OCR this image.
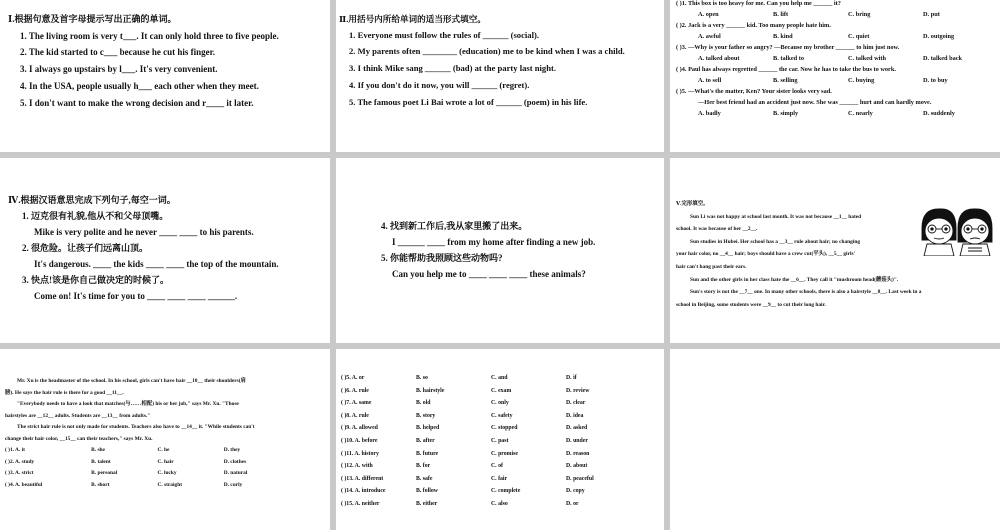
Ⅰ.根据句意及首字母提示写出正确的单词。
1. The living room is very t___. It can only hold three to five people.
2. The kid started to c___ because he cut his finger.
3. I always go upstairs by l___. It's very convenient.
4. In the USA, people usually h___ each other when they meet.
5. I don't want to make the wrong decision and r____ it later.
Ⅱ.用括号内所给单词的适当形式填空。
1. Everyone must follow the rules of ______ (social).
2. My parents often ________ (education) me to be kind when I was a child.
3. I think Mike sang ______ (bad) at the party last night.
4. If you don't do it now, you will ______ (regret).
5. The famous poet Li Bai wrote a lot of ______ (poem) in his life.
( )1. This box is too heavy for me. Can you help me ______ it?
A. open	B. lift	C. bring	D. put
( )2. Jack is a very ______ kid. Too many people hate him.
A. awful	B. kind	C. quiet	D. outgoing
( )3. —Why is your father so angry? —Because my brother ______ to him just now.
A. talked about	B. talked to	C. talked with	D. talked back
( )4. Paul has always regretted ______ the car. Now he has to take the bus to work.
A. to sell	B. selling	C. buying	D. to buy
( )5. —What's the matter, Ken? Your sister looks very sad.
—Her best friend had an accident just now. She was ______ hurt and can hardly move.
A. badly	B. simply	C. nearly	D. suddenly
Ⅳ.根据汉语意思完成下列句子,每空一词。
1. 迈克很有礼貌,他从不和父母顶嘴。
Mike is very polite and he never ____ ____ to his parents.
2. 很危险。让孩子们远离山顶。
It's dangerous. ____ the kids ____ ____ the top of the mountain.
3. 快点!该是你自己做决定的时候了。
Come on! It's time for you to ____ ____ ____ ______.
4. 找到新工作后,我从家里搬了出来。
I ______ ____ from my home after finding a new job.
5. 你能帮助我照顾这些动物吗?
Can you help me to ____ ____ ____ these animals?
Ⅴ.完形填空。
Sun Li was not happy at school last month. It was not because __1__ hated
school. It was because of her __2__.
Sun studies in Hubei. Her school has a __3__ rule about hair; no changing
your hair color, no __4__ hair; boys should have a crew cut(平头), __5__ girls'
hair can't hang past their ears.
Sun and the other girls in her class hate the __6__. They call it "mushroom head(蘑菇头)".
Sun's story is not the __7__ one. In many other schools, there is also a hairstyle __8__. Last week in a
school in Beijing, some students were __9__ to cut their long hair.
Mr. Xu is the headmaster of the school. In his school, girls can't have hair __10__ their shoulders(肩
膀). He says the hair rule is there for a good __11__.
"Everybody needs to have a look that matches(与……相配) his or her job," says Mr. Xu. "Those
hairstyles are __12__ adults. Students are __13__ from adults."
The strict hair rule is not only made for students. Teachers also have to __14__ it. "While students can't
change their hair color, __15__ can their teachers," says Mr. Xu.
( )1. A. it	B. she	C. he	D. they
( )2. A. study	B. talent	C. hair	D. clothes
( )3. A. strict	B. personal	C. lucky	D. natural
( )4. A. beautiful	B. short	C. straight	D. curly
( )5. A. or	B. so	C. and	D. if
( )6. A. rule	B. hairstyle	C. exam	D. review
( )7. A. same	B. old	C. only	D. clear
( )8. A. rule	B. story	C. safety	D. idea
( )9. A. allowed	B. helped	C. stopped	D. asked
( )10. A. before	B. after	C. past	D. under
( )11. A. history	B. future	C. promise	D. reason
( )12. A. with	B. for	C. of	D. about
( )13. A. different	B. safe	C. fair	D. peaceful
( )14. A. introduce	B. follow	C. complete	D. copy
( )15. A. neither	B. either	C. also	D. or
